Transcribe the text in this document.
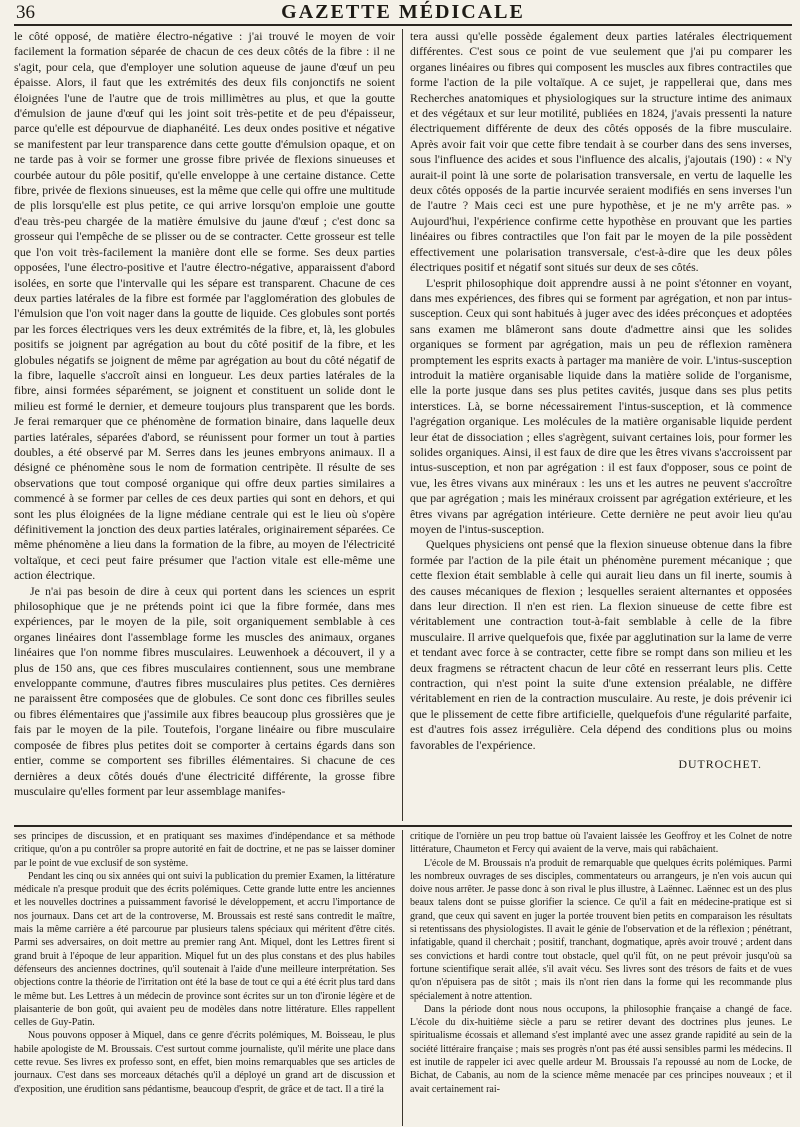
36	GAZETTE MÉDICALE

le côté opposé, de matière électro-négative : j'ai trouvé le moyen de voir facilement la formation séparée de chacun de ces deux côtés de la fibre : il ne s'agit, pour cela, que d'employer une solution aqueuse de jaune d'œuf un peu épaisse. Alors, il faut que les extrémités des deux fils conjonctifs ne soient éloignées l'une de l'autre que de trois millimètres au plus, et que la goutte d'émulsion de jaune d'œuf qui les joint soit très-petite et de peu d'épaisseur, parce qu'elle est dépourvue de diaphanéité. Les deux ondes positive et négative se manifestent par leur transparence dans cette goutte d'émulsion opaque, et on ne tarde pas à voir se former une grosse fibre privée de flexions sinueuses et courbée autour du pôle positif, qu'elle enveloppe à une certaine distance. Cette fibre, privée de flexions sinueuses, est la même que celle qui offre une multitude de plis lorsqu'elle est plus petite, ce qui arrive lorsqu'on emploie une goutte d'eau très-peu chargée de la matière émulsive du jaune d'œuf ; c'est donc sa grosseur qui l'empêche de se plisser ou de se contracter. Cette grosseur est telle que l'on voit très-facilement la manière dont elle se forme. Ses deux parties opposées, l'une électro-positive et l'autre électro-négative, apparaissent d'abord isolées, en sorte que l'intervalle qui les sépare est transparent. Chacune de ces deux parties latérales de la fibre est formée par l'agglomération des globules de l'émulsion que l'on voit nager dans la goutte de liquide. Ces globules sont portés par les forces électriques vers les deux extrémités de la fibre, et, là, les globules positifs se joignent par agrégation au bout du côté positif de la fibre, et les globules négatifs se joignent de même par agrégation au bout du côté négatif de la fibre, laquelle s'accroît ainsi en longueur. Les deux parties latérales de la fibre, ainsi formées séparément, se joignent et constituent un solide dont le milieu est formé le dernier, et demeure toujours plus transparent que les bords. Je ferai remarquer que ce phénomène de formation binaire, dans laquelle deux parties latérales, séparées d'abord, se réunissent pour former un tout à parties doubles, a été observé par M. Serres dans les jeunes embryons animaux. Il a désigné ce phénomène sous le nom de formation centripète. Il résulte de ses observations que tout composé organique qui offre deux parties similaires a commencé à se former par celles de ces deux parties qui sont en dehors, et qui sont les plus éloignées de la ligne médiane centrale qui est le lieu où s'opère définitivement la jonction des deux parties latérales, originairement séparées. Ce même phénomène a lieu dans la formation de la fibre, au moyen de l'électricité voltaïque, et ceci peut faire présumer que l'action vitale est elle-même une action électrique.

Je n'ai pas besoin de dire à ceux qui portent dans les sciences un esprit philosophique que je ne prétends point ici que la fibre formée, dans mes expériences, par le moyen de la pile, soit organiquement semblable à ces organes linéaires dont l'assemblage forme les muscles des animaux, organes linéaires que l'on nomme fibres musculaires. Leuwenhoek a découvert, il y a plus de 150 ans, que ces fibres musculaires contiennent, sous une membrane enveloppante commune, d'autres fibres musculaires plus petites. Ces dernières ne paraissent être composées que de globules. Ce sont donc ces fibrilles seules ou fibres élémentaires que j'assimile aux fibres beaucoup plus grossières que je fais par le moyen de la pile. Toutefois, l'organe linéaire ou fibre musculaire composée de fibres plus petites doit se comporter à certains égards dans son entier, comme se comportent ses fibrilles élémentaires. Si chacune de ces dernières a deux côtés doués d'une électricité différente, la grosse fibre musculaire qu'elles forment par leur assemblage manifes-

tera aussi qu'elle possède également deux parties latérales électriquement différentes. C'est sous ce point de vue seulement que j'ai pu comparer les organes linéaires ou fibres qui composent les muscles aux fibres contractiles que forme l'action de la pile voltaïque. A ce sujet, je rappellerai que, dans mes Recherches anatomiques et physiologiques sur la structure intime des animaux et des végétaux et sur leur motilité, publiées en 1824, j'avais pressenti la nature électriquement différente de deux des côtés opposés de la fibre musculaire. Après avoir fait voir que cette fibre tendait à se courber dans des sens inverses, sous l'influence des acides et sous l'influence des alcalis, j'ajoutais (190) : « N'y aurait-il point là une sorte de polarisation transversale, en vertu de laquelle les deux côtés opposés de la partie incurvée seraient modifiés en sens inverses l'un de l'autre ? Mais ceci est une pure hypothèse, et je ne m'y arrête pas. » Aujourd'hui, l'expérience confirme cette hypothèse en prouvant que les parties linéaires ou fibres contractiles que l'on fait par le moyen de la pile possèdent effectivement une polarisation transversale, c'est-à-dire que les deux pôles électriques positif et négatif sont situés sur deux de ses côtés.

L'esprit philosophique doit apprendre aussi à ne point s'étonner en voyant, dans mes expériences, des fibres qui se forment par agrégation, et non par intus-susception. Ceux qui sont habitués à juger avec des idées préconçues et adoptées sans examen me blâmeront sans doute d'admettre ainsi que les solides organiques se forment par agrégation, mais un peu de réflexion ramènera promptement les esprits exacts à partager ma manière de voir. L'intus-susception introduit la matière organisable liquide dans la matière solide de l'organisme, elle la porte jusque dans ses plus petites cavités, jusque dans ses plus petits interstices. Là, se borne nécessairement l'intus-susception, et là commence l'agrégation organique. Les molécules de la matière organisable liquide perdent leur état de dissociation ; elles s'agrègent, suivant certaines lois, pour former les solides organiques. Ainsi, il est faux de dire que les êtres vivans s'accroissent par intus-susception, et non par agrégation : il est faux d'opposer, sous ce point de vue, les êtres vivans aux minéraux : les uns et les autres ne peuvent s'accroître que par agrégation ; mais les minéraux croissent par agrégation extérieure, et les êtres vivans par agrégation intérieure. Cette dernière ne peut avoir lieu qu'au moyen de l'intus-susception.

Quelques physiciens ont pensé que la flexion sinueuse obtenue dans la fibre formée par l'action de la pile était un phénomène purement mécanique ; que cette flexion était semblable à celle qui aurait lieu dans un fil inerte, soumis à des causes mécaniques de flexion ; lesquelles seraient alternantes et opposées dans leur direction. Il n'en est rien. La flexion sinueuse de cette fibre est véritablement une contraction tout-à-fait semblable à celle de la fibre musculaire. Il arrive quelquefois que, fixée par agglutination sur la lame de verre et tendant avec force à se contracter, cette fibre se rompt dans son milieu et les deux fragmens se rétractent chacun de leur côté en resserrant leurs plis. Cette contraction, qui n'est point la suite d'une extension préalable, ne diffère véritablement en rien de la contraction musculaire. Au reste, je dois prévenir ici que le plissement de cette fibre artificielle, quelquefois d'une régularité parfaite, est d'autres fois assez irrégulière. Cela dépend des conditions plus ou moins favorables de l'expérience.

DUTROCHET.

ses principes de discussion, et en pratiquant ses maximes d'indépendance et sa méthode critique, qu'on a pu contrôler sa propre autorité en fait de doctrine, et ne pas se laisser dominer par le point de vue exclusif de son système.

Pendant les cinq ou six années qui ont suivi la publication du premier Examen, la littérature médicale n'a presque produit que des écrits polémiques. Cette grande lutte entre les anciennes et les nouvelles doctrines a puissamment favorisé le développement, et accru l'importance de nos journaux. Dans cet art de la controverse, M. Broussais est resté sans contredit le maître, mais la même carrière a été parcourue par plusieurs talens spéciaux qui méritent d'être cités. Parmi ses adversaires, on doit mettre au premier rang Ant. Miquel, dont les Lettres firent si grand bruit à l'époque de leur apparition. Miquel fut un des plus constans et des plus habiles défenseurs des anciennes doctrines, qu'il soutenait à l'aide d'une meilleure interprétation. Ses objections contre la théorie de l'irritation ont été la base de tout ce qui a été écrit plus tard dans le même but. Les Lettres à un médecin de province sont écrites sur un ton d'ironie légère et de plaisanterie de bon goût, qui avaient peu de modèles dans notre littérature. Elles rappellent celles de Guy-Patin.

Nous pouvons opposer à Miquel, dans ce genre d'écrits polémiques, M. Boisseau, le plus habile apologiste de M. Broussais. C'est surtout comme journaliste, qu'il mérite une place dans cette revue. Ses livres ex professo sont, en effet, bien moins remarquables que ses articles de journaux. C'est dans ses morceaux détachés qu'il a déployé un grand art de discussion et d'exposition, une érudition sans pédantisme, beaucoup d'esprit, de grâce et de tact. Il a tiré la

critique de l'ornière un peu trop battue où l'avaient laissée les Geoffroy et les Colnet de notre littérature, Chaumeton et Fercy qui avaient de la verve, mais qui rabâchaient.

L'école de M. Broussais n'a produit de remarquable que quelques écrits polémiques. Parmi les nombreux ouvrages de ses disciples, commentateurs ou arrangeurs, je n'en vois aucun qui doive nous arrêter. Je passe donc à son rival le plus illustre, à Laënnec. Laënnec est un des plus beaux talens dont se puisse glorifier la science. Ce qu'il a fait en médecine-pratique est si grand, que ceux qui savent en juger la portée trouvent bien petits en comparaison les résultats si retentissans des physiologistes. Il avait le génie de l'observation et de la réflexion ; pénétrant, infatigable, quand il cherchait ; positif, tranchant, dogmatique, après avoir trouvé ; ardent dans ses convictions et hardi contre tout obstacle, quel qu'il fût, on ne peut prévoir jusqu'où sa fortune scientifique serait allée, s'il avait vécu. Ses livres sont des trésors de faits et de vues qu'on n'épuisera pas de sitôt ; mais ils n'ont rien dans la forme qui les recommande plus spécialement à notre attention.

Dans la période dont nous nous occupons, la philosophie française a changé de face. L'école du dix-huitième siècle a paru se retirer devant des doctrines plus jeunes. Le spiritualisme écossais et allemand s'est implanté avec une assez grande rapidité au sein de la société littéraire française ; mais ses progrès n'ont pas été aussi sensibles parmi les médecins. Il est inutile de rappeler ici avec quelle ardeur M. Broussais l'a repoussé au nom de Locke, de Bichat, de Cabanis, au nom de la science même menacée par ces principes nouveaux ; et il avait certainement rai-
